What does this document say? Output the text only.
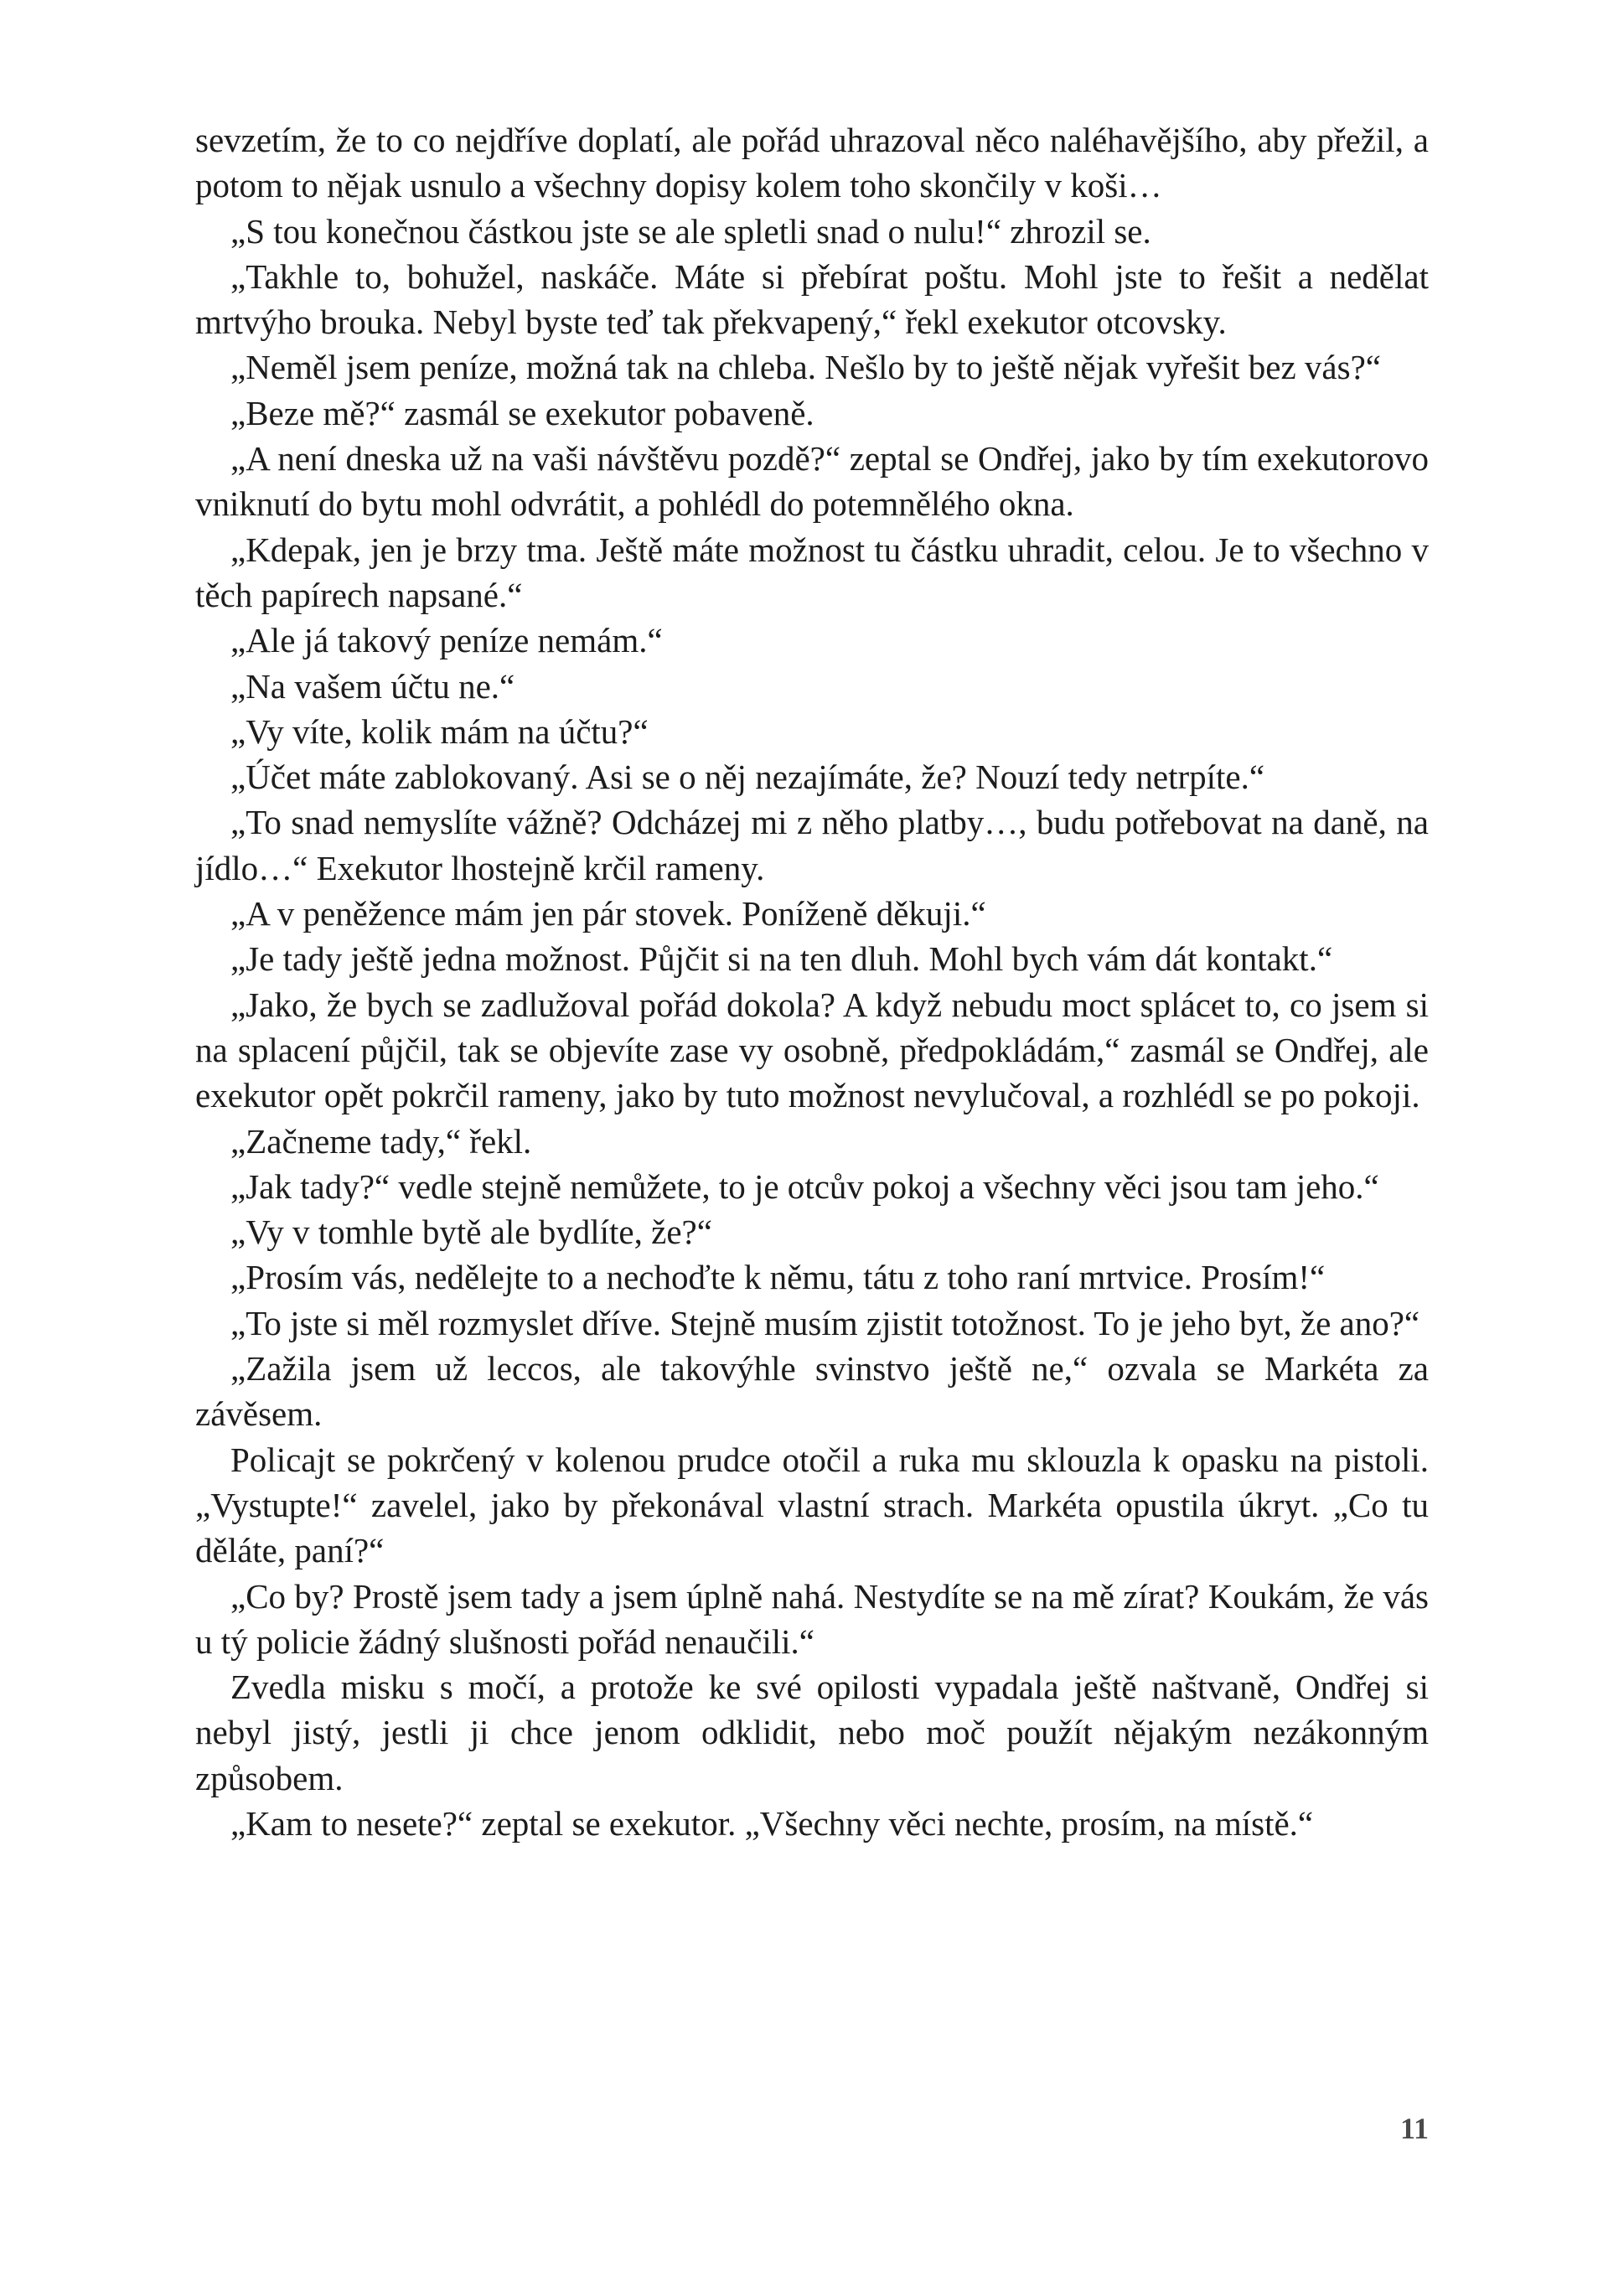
sevzetím, že to co nejdříve doplatí, ale pořád uhrazoval něco naléhavějšího, aby přežil, a potom to nějak usnulo a všechny dopisy kolem toho skončily v koši…

„S tou konečnou částkou jste se ale spletli snad o nulu!“ zhrozil se.

„Takhle to, bohužel, naskáče. Máte si přebírat poštu. Mohl jste to řešit a nedělat mrtvýho brouka. Nebyl byste teď tak překvapený,“ řekl exekutor otcovsky.

„Neměl jsem peníze, možná tak na chleba. Nešlo by to ještě nějak vyřešit bez vás?“

„Beze mě?“ zasmál se exekutor pobaveně.

„A není dneska už na vaši návštěvu pozdě?“ zeptal se Ondřej, jako by tím exekutorovo vniknutí do bytu mohl odvrátit, a pohlédl do potemnělého okna.

„Kdepak, jen je brzy tma. Ještě máte možnost tu částku uhradit, celou. Je to všechno v těch papírech napsané.“

„Ale já takový peníze nemám.“

„Na vašem účtu ne.“

„Vy víte, kolik mám na účtu?“

„Účet máte zablokovaný. Asi se o něj nezajímáte, že? Nouzí tedy netrpíte.“

„To snad nemyslíte vážně? Odcházej mi z něho platby…, budu potřebovat na daně, na jídlo…“ Exekutor lhostejně krčil rameny.

„A v peněžence mám jen pár stovek. Poníženě děkuji.“

„Je tady ještě jedna možnost. Půjčit si na ten dluh. Mohl bych vám dát kontakt.“

„Jako, že bych se zadlužoval pořád dokola? A když nebudu moct splácet to, co jsem si na splacení půjčil, tak se objevíte zase vy osobně, předpokládám,“ zasmál se Ondřej, ale exekutor opět pokrčil rameny, jako by tuto možnost nevylučoval, a rozhlédl se po pokoji.

„Začneme tady,“ řekl.

„Jak tady?“ vedle stejně nemůžete, to je otcův pokoj a všechny věci jsou tam jeho.“

„Vy v tomhle bytě ale bydlíte, že?“

„Prosím vás, nedělejte to a nechoďte k němu, tátu z toho raní mrtvice. Prosím!“

„To jste si měl rozmyslet dříve. Stejně musím zjistit totožnost. To je jeho byt, že ano?“

„Zažila jsem už leccos, ale takovýhle svinstvo ještě ne,“ ozvala se Markéta za závěsem.

Policajt se pokrčený v kolenou prudce otočil a ruka mu sklouzla k opasku na pistoli. „Vystupte!“ zavelel, jako by překonával vlastní strach. Markéta opustila úkryt. „Co tu děláte, paní?“

„Co by? Prostě jsem tady a jsem úplně nahá. Nestydíte se na mě zírat? Koukám, že vás u tý policie žádný slušnosti pořád nenaučili.“

Zvedla misku s močí, a protože ke své opilosti vypadala ještě naštvaně, Ondřej si nebyl jistý, jestli ji chce jenom odklidit, nebo moč použít nějakým nezákonným způsobem.

„Kam to nesete?“ zeptal se exekutor. „Všechny věci nechte, prosím, na místě.“

11
